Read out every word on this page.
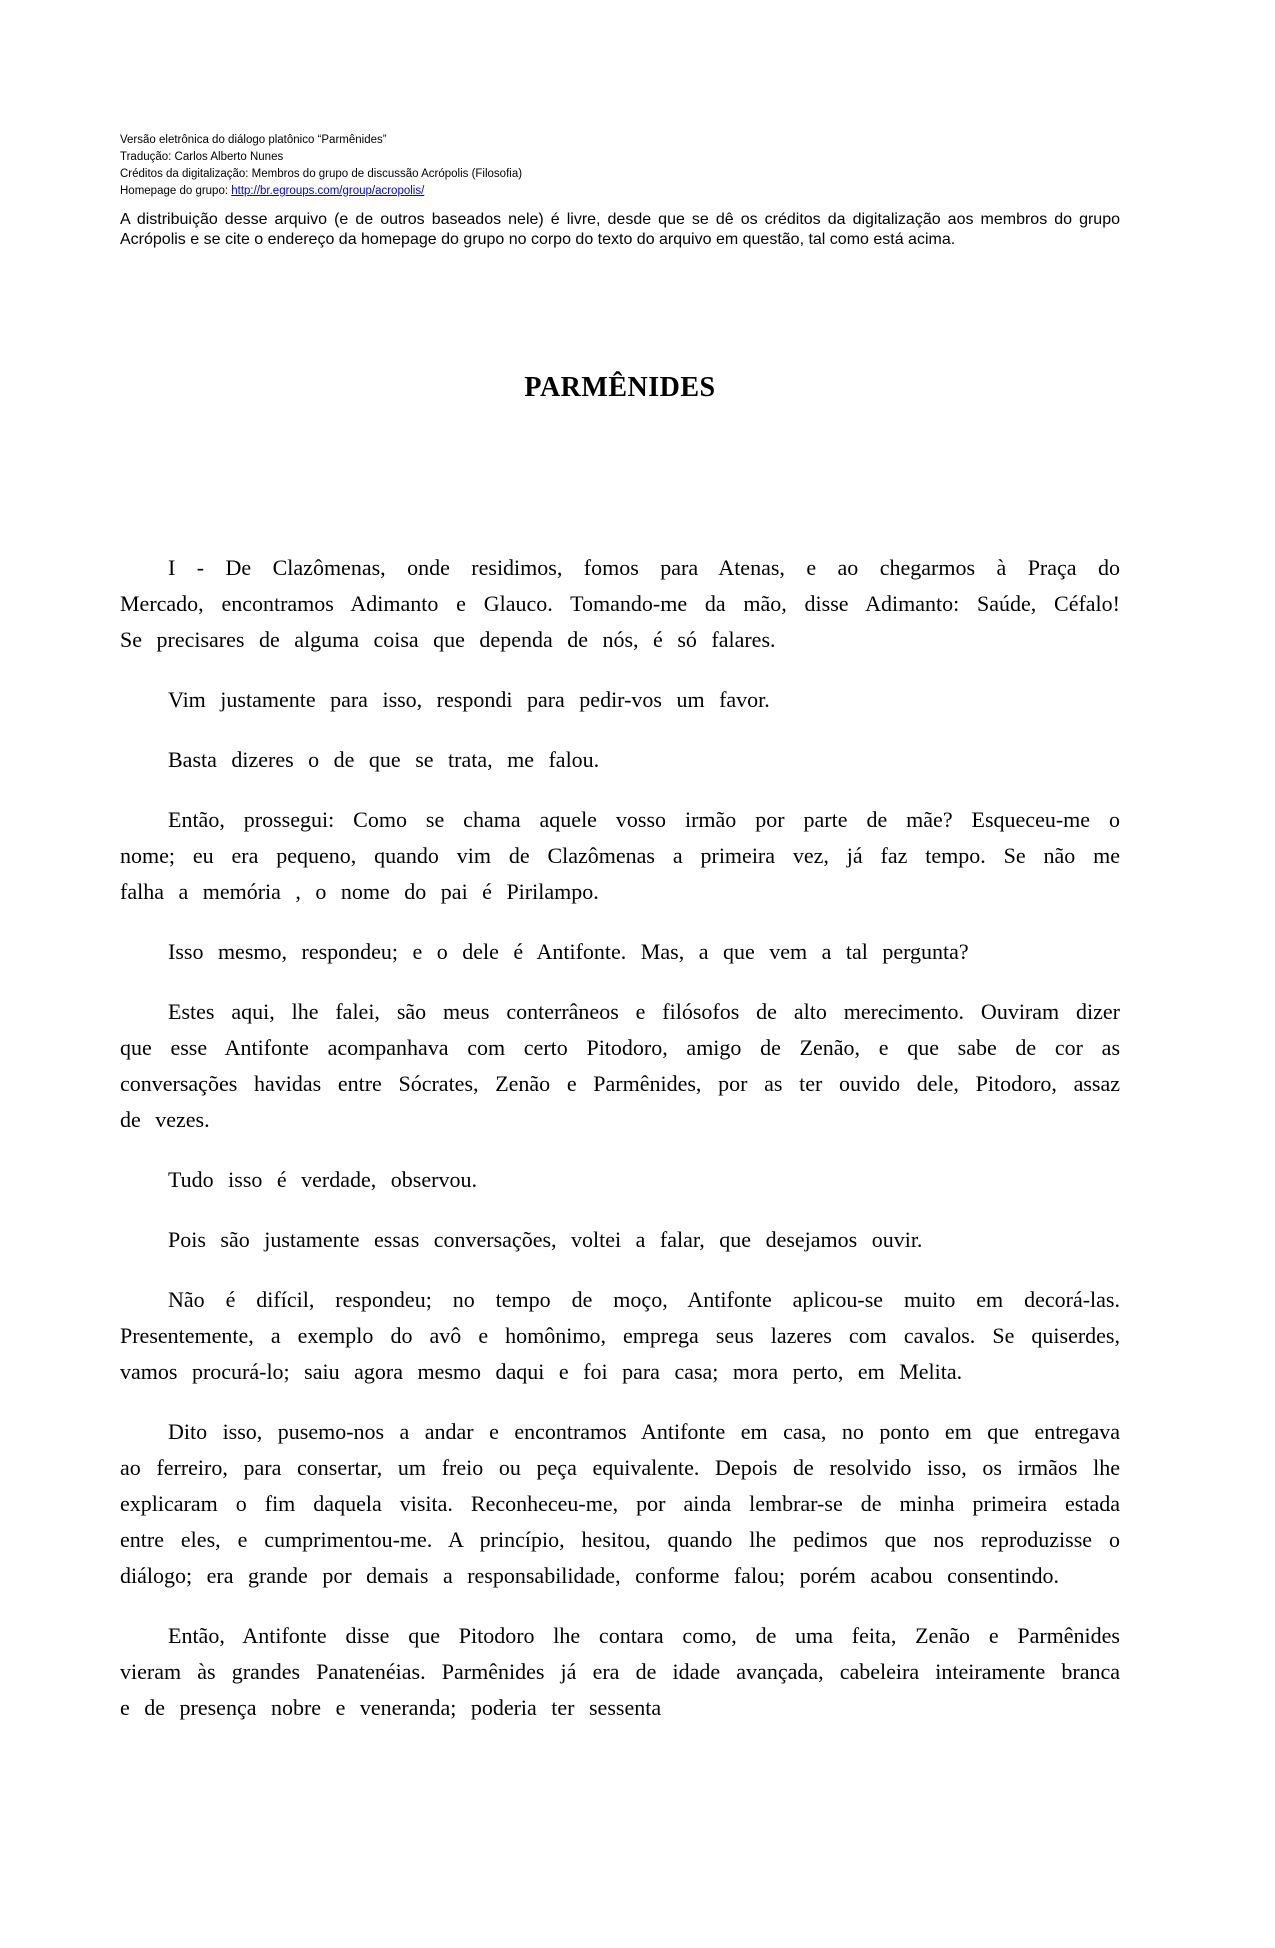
Versão eletrônica do diálogo platônico “Parmênides”
Tradução: Carlos Alberto Nunes
Créditos da digitalização: Membros do grupo de discussão Acrópolis (Filosofia)
Homepage do grupo: http://br.egroups.com/group/acropolis/

A distribuição desse arquivo (e de outros baseados nele) é livre, desde que se dê os créditos da digitalização aos membros do grupo Acrópolis e se cite o endereço da homepage do grupo no corpo do texto do arquivo em questão, tal como está acima.

PARMÊNIDES

I - De Clazômenas, onde residimos, fomos para Atenas, e ao chegarmos à Praça do Mercado, encontramos Adimanto e Glauco. Tomando-me da mão, disse Adimanto: Saúde, Céfalo! Se precisares de alguma coisa que dependa de nós, é só falares.

Vim justamente para isso, respondi para pedir-vos um favor.

Basta dizeres o de que se trata, me falou.

Então, prossegui: Como se chama aquele vosso irmão por parte de mãe? Esqueceu-me o nome; eu era pequeno, quando vim de Clazômenas a primeira vez, já faz tempo. Se não me falha a memória , o nome do pai é Pirilampo.

Isso mesmo, respondeu; e o dele é Antifonte. Mas, a que vem a tal pergunta?

Estes aqui, lhe falei, são meus conterrâneos e filósofos de alto merecimento. Ouviram dizer que esse Antifonte acompanhava com certo Pitodoro, amigo de Zenão, e que sabe de cor as conversações havidas entre Sócrates, Zenão e Parmênides, por as ter ouvido dele, Pitodoro, assaz de vezes.

Tudo isso é verdade, observou.

Pois são justamente essas conversações, voltei a falar, que desejamos ouvir.

Não é difícil, respondeu; no tempo de moço, Antifonte aplicou-se muito em decorá-las. Presentemente, a exemplo do avô e homônimo, emprega seus lazeres com cavalos. Se quiserdes, vamos procurá-lo; saiu agora mesmo daqui e foi para casa; mora perto, em Melita.

Dito isso, pusemo-nos a andar e encontramos Antifonte em casa, no ponto em que entregava ao ferreiro, para consertar, um freio ou peça equivalente. Depois de resolvido isso, os irmãos lhe explicaram o fim daquela visita. Reconheceu-me, por ainda lembrar-se de minha primeira estada entre eles, e cumprimentou-me. A princípio, hesitou, quando lhe pedimos que nos reproduzisse o diálogo; era grande por demais a responsabilidade, conforme falou; porém acabou consentindo.

Então, Antifonte disse que Pitodoro lhe contara como, de uma feita, Zenão e Parmênides vieram às grandes Panatenéias. Parmênides já era de idade avançada, cabeleira inteiramente branca e de presença nobre e veneranda; poderia ter sessenta
